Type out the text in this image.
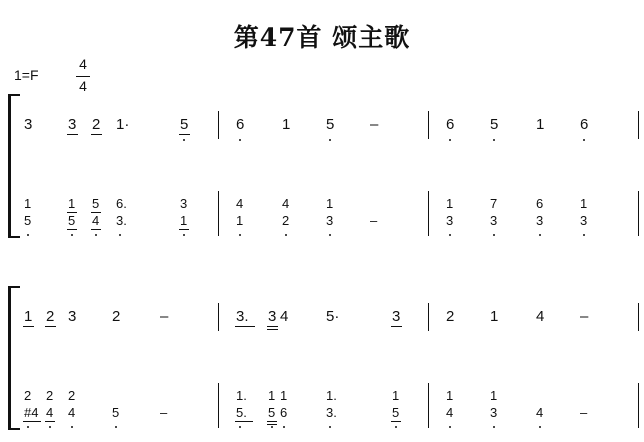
第47首 颂主歌
1=F
4
4
3 3 2 1·	5	6	1 5 –	6 5	1 6
1	1 5 6.	3	4	4	1	1	7	6	1
5	5 4 3.	1	1	2	3	–	3	3	3	3
1 2 3 2	–	3. 3 4	5·	3	2 1	4 –
2 2 2	1. 1 1	1.	1	1	1
#4 4 4	5	–	5. 5 6	3.	5	4	3	4	–
